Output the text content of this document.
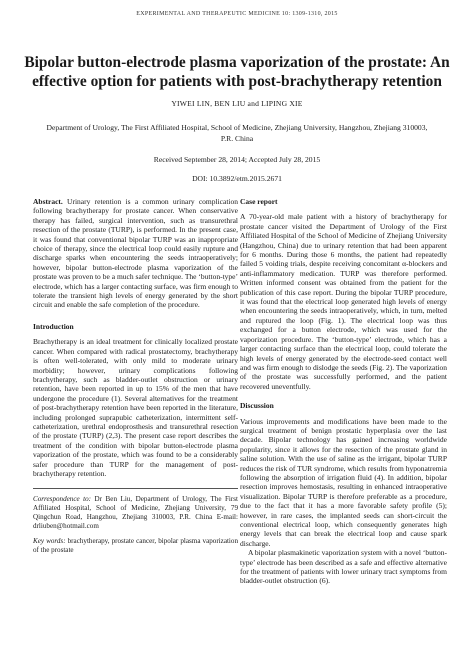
EXPERIMENTAL AND THERAPEUTIC MEDICINE 10: 1309-1310, 2015
Bipolar button-electrode plasma vaporization of the prostate: An effective option for patients with post-brachytherapy retention
YIWEI LIN, BEN LIU and LIPING XIE
Department of Urology, The First Affiliated Hospital, School of Medicine, Zhejiang University, Hangzhou, Zhejiang 310003, P.R. China
Received September 28, 2014; Accepted July 28, 2015
DOI: 10.3892/etm.2015.2671

Abstract. Urinary retention is a common urinary complication following brachytherapy for prostate cancer. When conservative therapy has failed, surgical intervention, such as transurethral resection of the prostate (TURP), is performed. In the present case, it was found that conventional bipolar TURP was an inappropriate choice of therapy, since the electrical loop could easily rupture and discharge sparks when encountering the seeds intraoperatively; however, bipolar button-electrode plasma vaporization of the prostate was proven to be a much safer technique. The ‘button-type’ electrode, which has a larger contacting surface, was firm enough to tolerate the transient high levels of energy generated by the short circuit and enable the safe completion of the procedure.

Introduction

Brachytherapy is an ideal treatment for clinically localized prostate cancer. When compared with radical prostatectomy, brachytherapy is often well-tolerated, with only mild to moderate urinary morbidity; however, urinary complications following brachytherapy, such as bladder-outlet obstruction or urinary retention, have been reported in up to 15% of the men that have undergone the procedure (1). Several alternatives for the treatment of post-brachytherapy retention have been reported in the literature, including prolonged suprapubic catheterization, intermittent self-catheterization, urethral endoprosthesis and transurethral resection of the prostate (TURP) (2,3). The present case report describes the treatment of the condition with bipolar button-electrode plasma vaporization of the prostate, which was found to be a considerably safer procedure than TURP for the management of post-brachytherapy retention.

Correspondence to: Dr Ben Liu, Department of Urology, The First Affiliated Hospital, School of Medicine, Zhejiang University, 79 Qingchun Road, Hangzhou, Zhejiang 310003, P.R. China E-mail: drliuben@hotmail.com

Key words: brachytherapy, prostate cancer, bipolar plasma vaporization of the prostate

Case report

A 70-year-old male patient with a history of brachytherapy for prostate cancer visited the Department of Urology of the First Affiliated Hospital of the School of Medicine of Zhejiang University (Hangzhou, China) due to urinary retention that had been apparent for 6 months. During those 6 months, the patient had repeatedly failed 5 voiding trials, despite receiving concomitant α-blockers and anti-inflammatory medication. TURP was therefore performed. Written informed consent was obtained from the patient for the publication of this case report. During the bipolar TURP procedure, it was found that the electrical loop generated high levels of energy when encountering the seeds intraoperatively, which, in turn, melted and ruptured the loop (Fig. 1). The electrical loop was thus exchanged for a button electrode, which was used for the vaporization procedure. The ‘button-type’ electrode, which has a larger contacting surface than the electrical loop, could tolerate the high levels of energy generated by the electrode-seed contact well and was firm enough to dislodge the seeds (Fig. 2). The vaporization of the prostate was successfully performed, and the patient recovered uneventfully.

Discussion

Various improvements and modifications have been made to the surgical treatment of benign prostatic hyperplasia over the last decade. Bipolar technology has gained increasing worldwide popularity, since it allows for the resection of the prostate gland in saline solution. With the use of saline as the irrigant, bipolar TURP reduces the risk of TUR syndrome, which results from hyponatremia following the absorption of irrigation fluid (4). In addition, bipolar resection improves hemostasis, resulting in enhanced intraoperative visualization. Bipolar TURP is therefore preferable as a procedure, due to the fact that it has a more favorable safety profile (5); however, in rare cases, the implanted seeds can short-circuit the conventional electrical loop, which consequently generates high energy levels that can break the electrical loop and cause spark discharge.

A bipolar plasmakinetic vaporization system with a novel ‘button-type’ electrode has been described as a safe and effective alternative for the treatment of patients with lower urinary tract symptoms from bladder-outlet obstruction (6).
